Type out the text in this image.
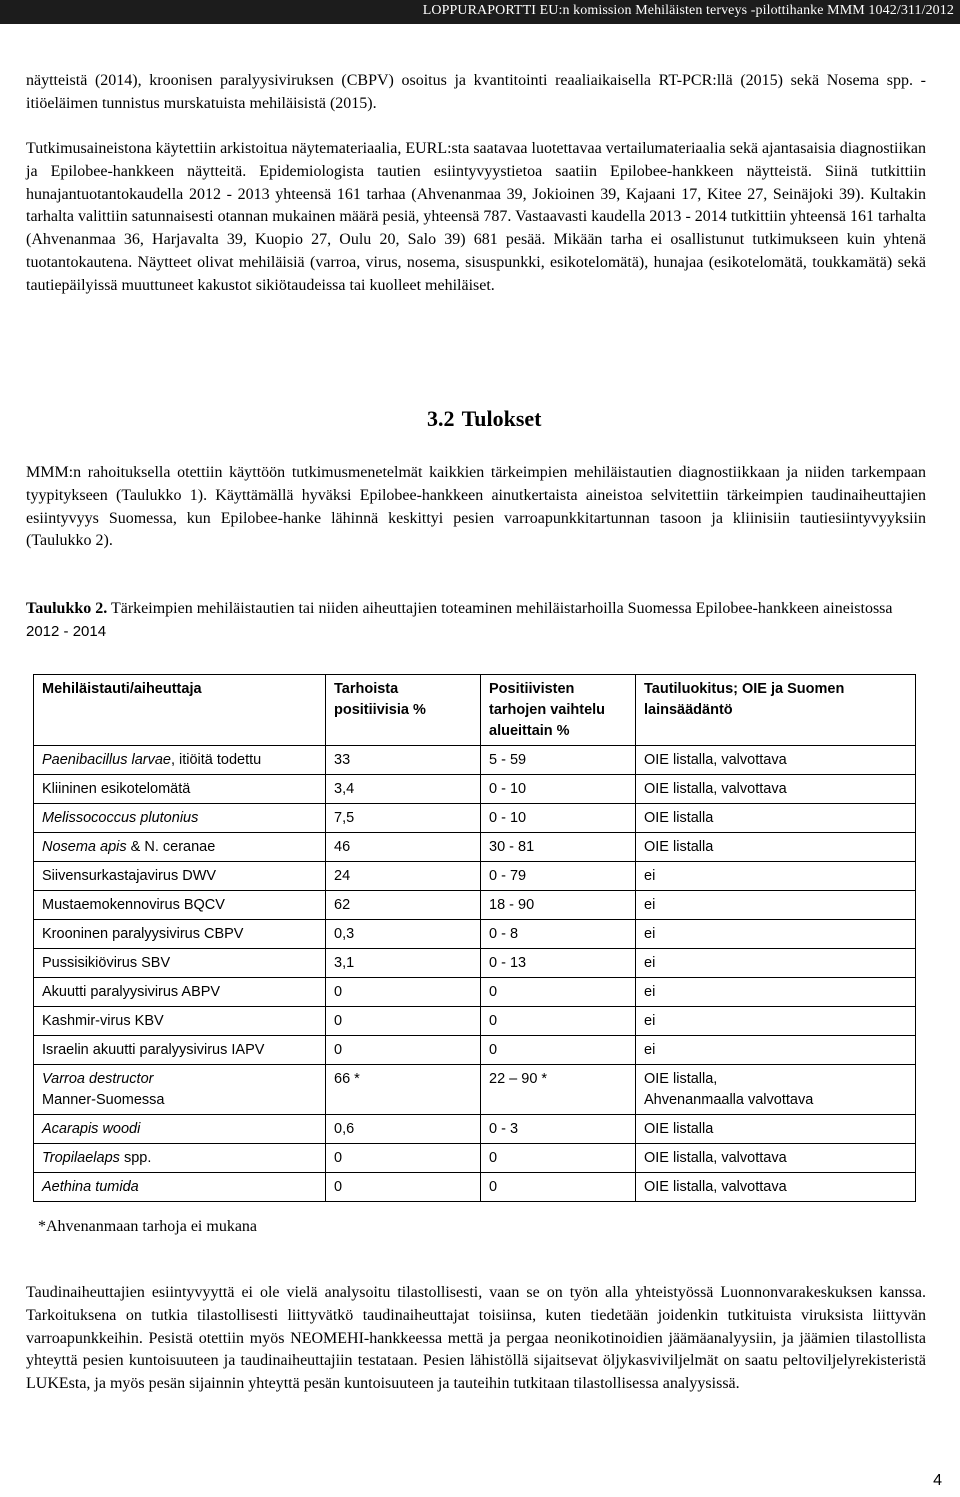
LOPPURAPORTTI EU:n komission Mehiläisten terveys -pilottihanke MMM 1042/311/2012

näytteistä (2014), kroonisen paralyysiviruksen (CBPV) osoitus ja kvantitointi reaaliaikaisella RT-PCR:llä (2015) sekä Nosema spp. -itiöeläimen tunnistus murskatuista mehiläisistä (2015).

Tutkimusaineistona käytettiin arkistoitua näytemateriaalia, EURL:sta saatavaa luotettavaa vertailumateriaalia sekä ajantasaisia diagnostiikan ja Epilobee-hankkeen näytteitä. Epidemiologista tautien esiintyvyystietoa saatiin Epilobee-hankkeen näytteistä. Siinä tutkittiin hunajantuotantokaudella 2012 - 2013 yhteensä 161 tarhaa (Ahvenanmaa 39, Jokioinen 39, Kajaani 17, Kitee 27, Seinäjoki 39). Kultakin tarhalta valittiin satunnaisesti otannan mukainen määrä pesiä, yhteensä 787. Vastaavasti kaudella 2013 - 2014 tutkittiin yhteensä 161 tarhalta (Ahvenanmaa 36, Harjavalta 39, Kuopio 27, Oulu 20, Salo 39) 681 pesää. Mikään tarha ei osallistunut tutkimukseen kuin yhtenä tuotantokautena. Näytteet olivat mehiläisiä (varroa, virus, nosema, sisuspunkki, esikotelomätä), hunajaa (esikotelomätä, toukkamätä) sekä tautiepäilyissä muuttuneet kakustot sikiötaudeissa tai kuolleet mehiläiset.

3.2 Tulokset

MMM:n rahoituksella otettiin käyttöön tutkimusmenetelmät kaikkien tärkeimpien mehiläistautien diagnostiikkaan ja niiden tarkempaan tyypitykseen (Taulukko 1). Käyttämällä hyväksi Epilobee-hankkeen ainutkertaista aineistoa selvitettiin tärkeimpien taudinaiheuttajien esiintyvyys Suomessa, kun Epilobee-hanke lähinnä keskittyi pesien varroapunkkitartunnan tasoon ja kliinisiin tautiesiintyvyyksiin (Taulukko 2).

Taulukko 2. Tärkeimpien mehiläistautien tai niiden aiheuttajien toteaminen mehiläistarhoilla Suomessa Epilobee-hankkeen aineistossa 2012 - 2014

Mehiläistauti/aiheuttaja	Tarhoista positiivisia %	Positiivisten tarhojen vaihtelu alueittain %	Tautiluokitus; OIE ja Suomen lainsäädäntö
Paenibacillus larvae, itiöitä todettu	33	5 - 59	OIE listalla, valvottava
Kliininen esikotelomätä	3,4	0 - 10	OIE listalla, valvottava
Melissococcus plutonius	7,5	0 - 10	OIE listalla
Nosema apis & N. ceranae	46	30 - 81	OIE listalla
Siivensurkastajavirus DWV	24	0 - 79	ei
Mustaemokennovirus BQCV	62	18 - 90	ei
Krooninen paralyysivirus CBPV	0,3	0 - 8	ei
Pussisikiövirus SBV	3,1	0 - 13	ei
Akuutti paralyysivirus ABPV	0	0	ei
Kashmir-virus KBV	0	0	ei
Israelin akuutti paralyysivirus IAPV	0	0	ei
Varroa destructor
Manner-Suomessa	66 *	22 – 90 *	OIE listalla,
Ahvenanmaalla valvottava
Acarapis woodi	0,6	0 - 3	OIE listalla
Tropilaelaps spp.	0	0	OIE listalla, valvottava
Aethina tumida	0	0	OIE listalla, valvottava

*Ahvenanmaan tarhoja ei mukana

Taudinaiheuttajien esiintyvyyttä ei ole vielä analysoitu tilastollisesti, vaan se on työn alla yhteistyössä Luonnonvarakeskuksen kanssa. Tarkoituksena on tutkia tilastollisesti liittyvätkö taudinaiheuttajat toisiinsa, kuten tiedetään joidenkin tutkituista viruksista liittyvän varroapunkkeihin. Pesistä otettiin myös NEOMEHI-hankkeessa mettä ja pergaa neonikotinoidien jäämäanalyysiin, ja jäämien tilastollista yhteyttä pesien kuntoisuuteen ja taudinaiheuttajiin testataan. Pesien lähistöllä sijaitsevat öljykasviviljelmät on saatu peltoviljelyrekisteristä LUKEsta, ja myös pesän sijainnin yhteyttä pesän kuntoisuuteen ja tauteihin tutkitaan tilastollisessa analyysissä.

4
